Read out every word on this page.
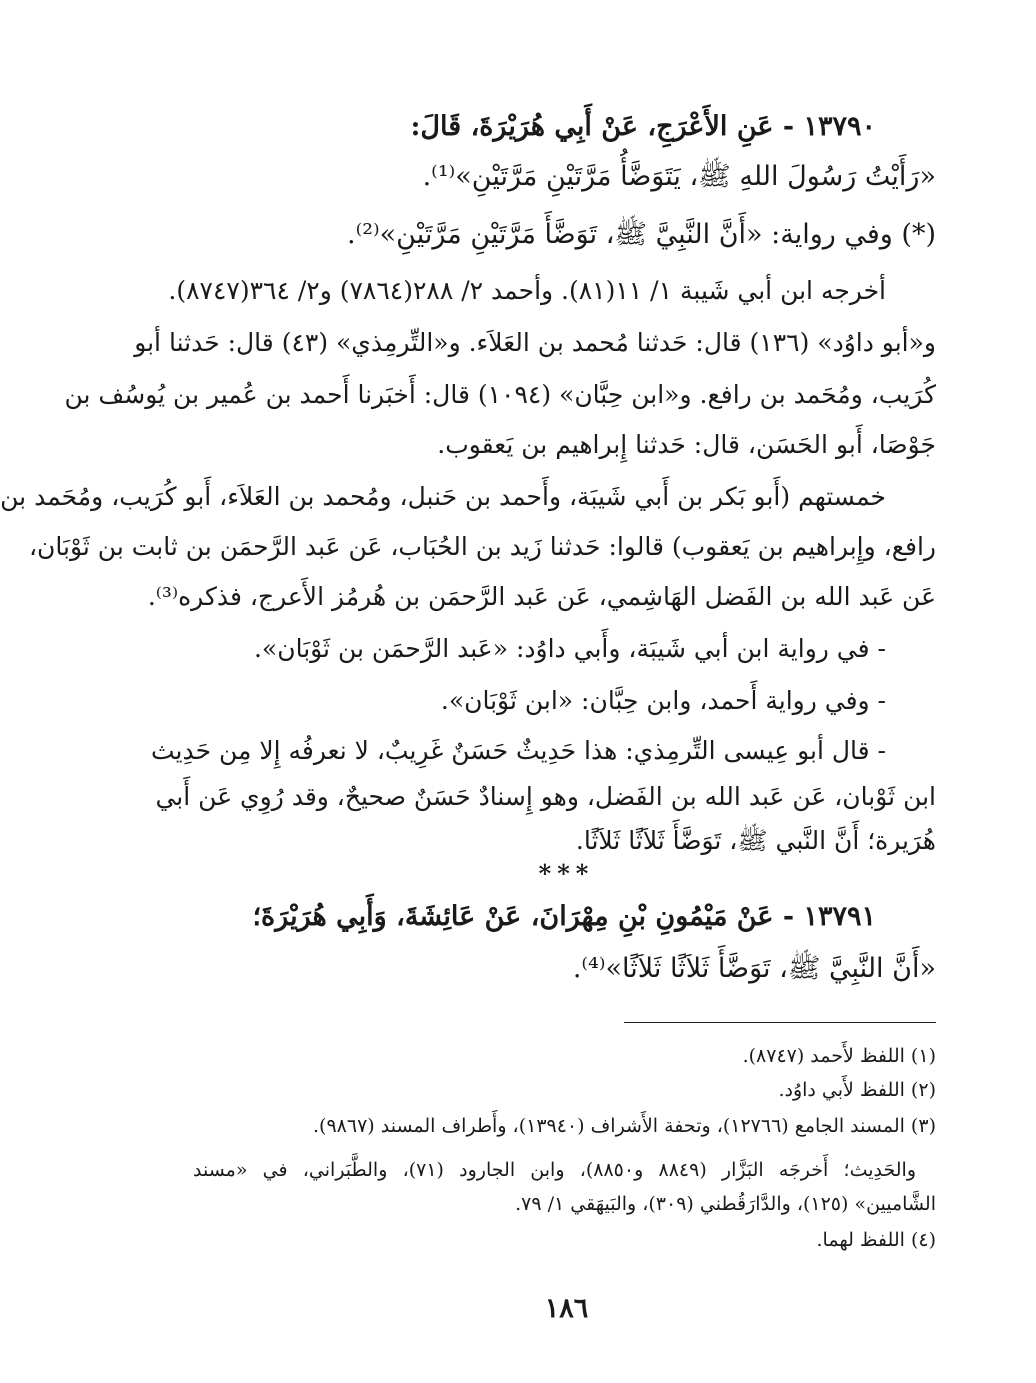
١٣٧٩٠ - عَنِ الأَعْرَجِ، عَنْ أَبِي هُرَيْرَةَ، قَالَ:
«رَأَيْتُ رَسُولَ اللهِ ﷺ، يَتَوَضَّأُ مَرَّتَيْنِ مَرَّتَيْنِ»⁽¹⁾.
(*) وفي رواية: «أَنَّ النَّبِيَّ ﷺ، تَوَضَّأَ مَرَّتَيْنِ مَرَّتَيْنِ»⁽²⁾.
أخرجه ابن أبي شَيبة ١/ ١١(٨١). وأحمد ٢/ ٢٨٨(٧٨٦٤) و٢/ ٣٦٤(٨٧٤٧).
و«أبو داوُد» (١٣٦) قال: حَدثنا مُحمد بن العَلاَء. و«التِّرمِذي» (٤٣) قال: حَدثنا أبو
كُرَيب، ومُحَمد بن رافع. و«ابن حِبَّان» (١٠٩٤) قال: أَخبَرنا أَحمد بن عُمير بن يُوسُف بن
جَوْصَا، أَبو الحَسَن، قال: حَدثنا إِبراهيم بن يَعقوب.
خمستهم (أَبو بَكر بن أَبي شَيبَة، وأَحمد بن حَنبل، ومُحمد بن العَلاَء، أَبو كُرَيب، ومُحَمد بن
رافع، وإِبراهيم بن يَعقوب) قالوا: حَدثنا زَيد بن الحُبَاب، عَن عَبد الرَّحمَن بن ثابت بن ثَوْبَان،
عَن عَبد الله بن الفَضل الهَاشِمي، عَن عَبد الرَّحمَن بن هُرمُز الأَعرج، فذكره⁽³⁾.
- في رواية ابن أبي شَيبَة، وأَبي داوُد: «عَبد الرَّحمَن بن ثَوْبَان».
- وفي رواية أَحمد، وابن حِبَّان: «ابن ثَوْبَان».
- قال أبو عِيسى التِّرمِذي: هذا حَدِيثٌ حَسَنٌ غَرِيبٌ، لا نعرفُه إِلا مِن حَدِيث
ابن ثَوْبان، عَن عَبد الله بن الفَضل، وهو إِسنادٌ حَسَنٌ صحيحٌ، وقد رُوِي عَن أَبي
هُرَيرة؛ أَنَّ النَّبي ﷺ، تَوَضَّأَ ثَلاَثًا ثَلاَثًا.
***
١٣٧٩١ - عَنْ مَيْمُونِ بْنِ مِهْرَانَ، عَنْ عَائِشَةَ، وَأَبِي هُرَيْرَةَ؛
«أَنَّ النَّبِيَّ ﷺ، تَوَضَّأَ ثَلاَثًا ثَلاَثًا»⁽⁴⁾.
(١) اللفظ لأَحمد (٨٧٤٧).
(٢) اللفظ لأَبي داوُد.
(٣) المسند الجامع (١٢٧٦٦)، وتحفة الأَشراف (١٣٩٤٠)، وأَطراف المسند (٩٨٦٧).
والحَدِيث؛ أَخرجَه البَزَّار (٨٨٤٩ و٨٨٥٠)، وابن الجارود (٧١)، والطَّبَراني، في «مسند
الشَّاميين» (١٢٥)، والدَّارَقُطني (٣٠٩)، والبَيهَقي ١/ ٧٩.
(٤) اللفظ لهما.
١٨٦
